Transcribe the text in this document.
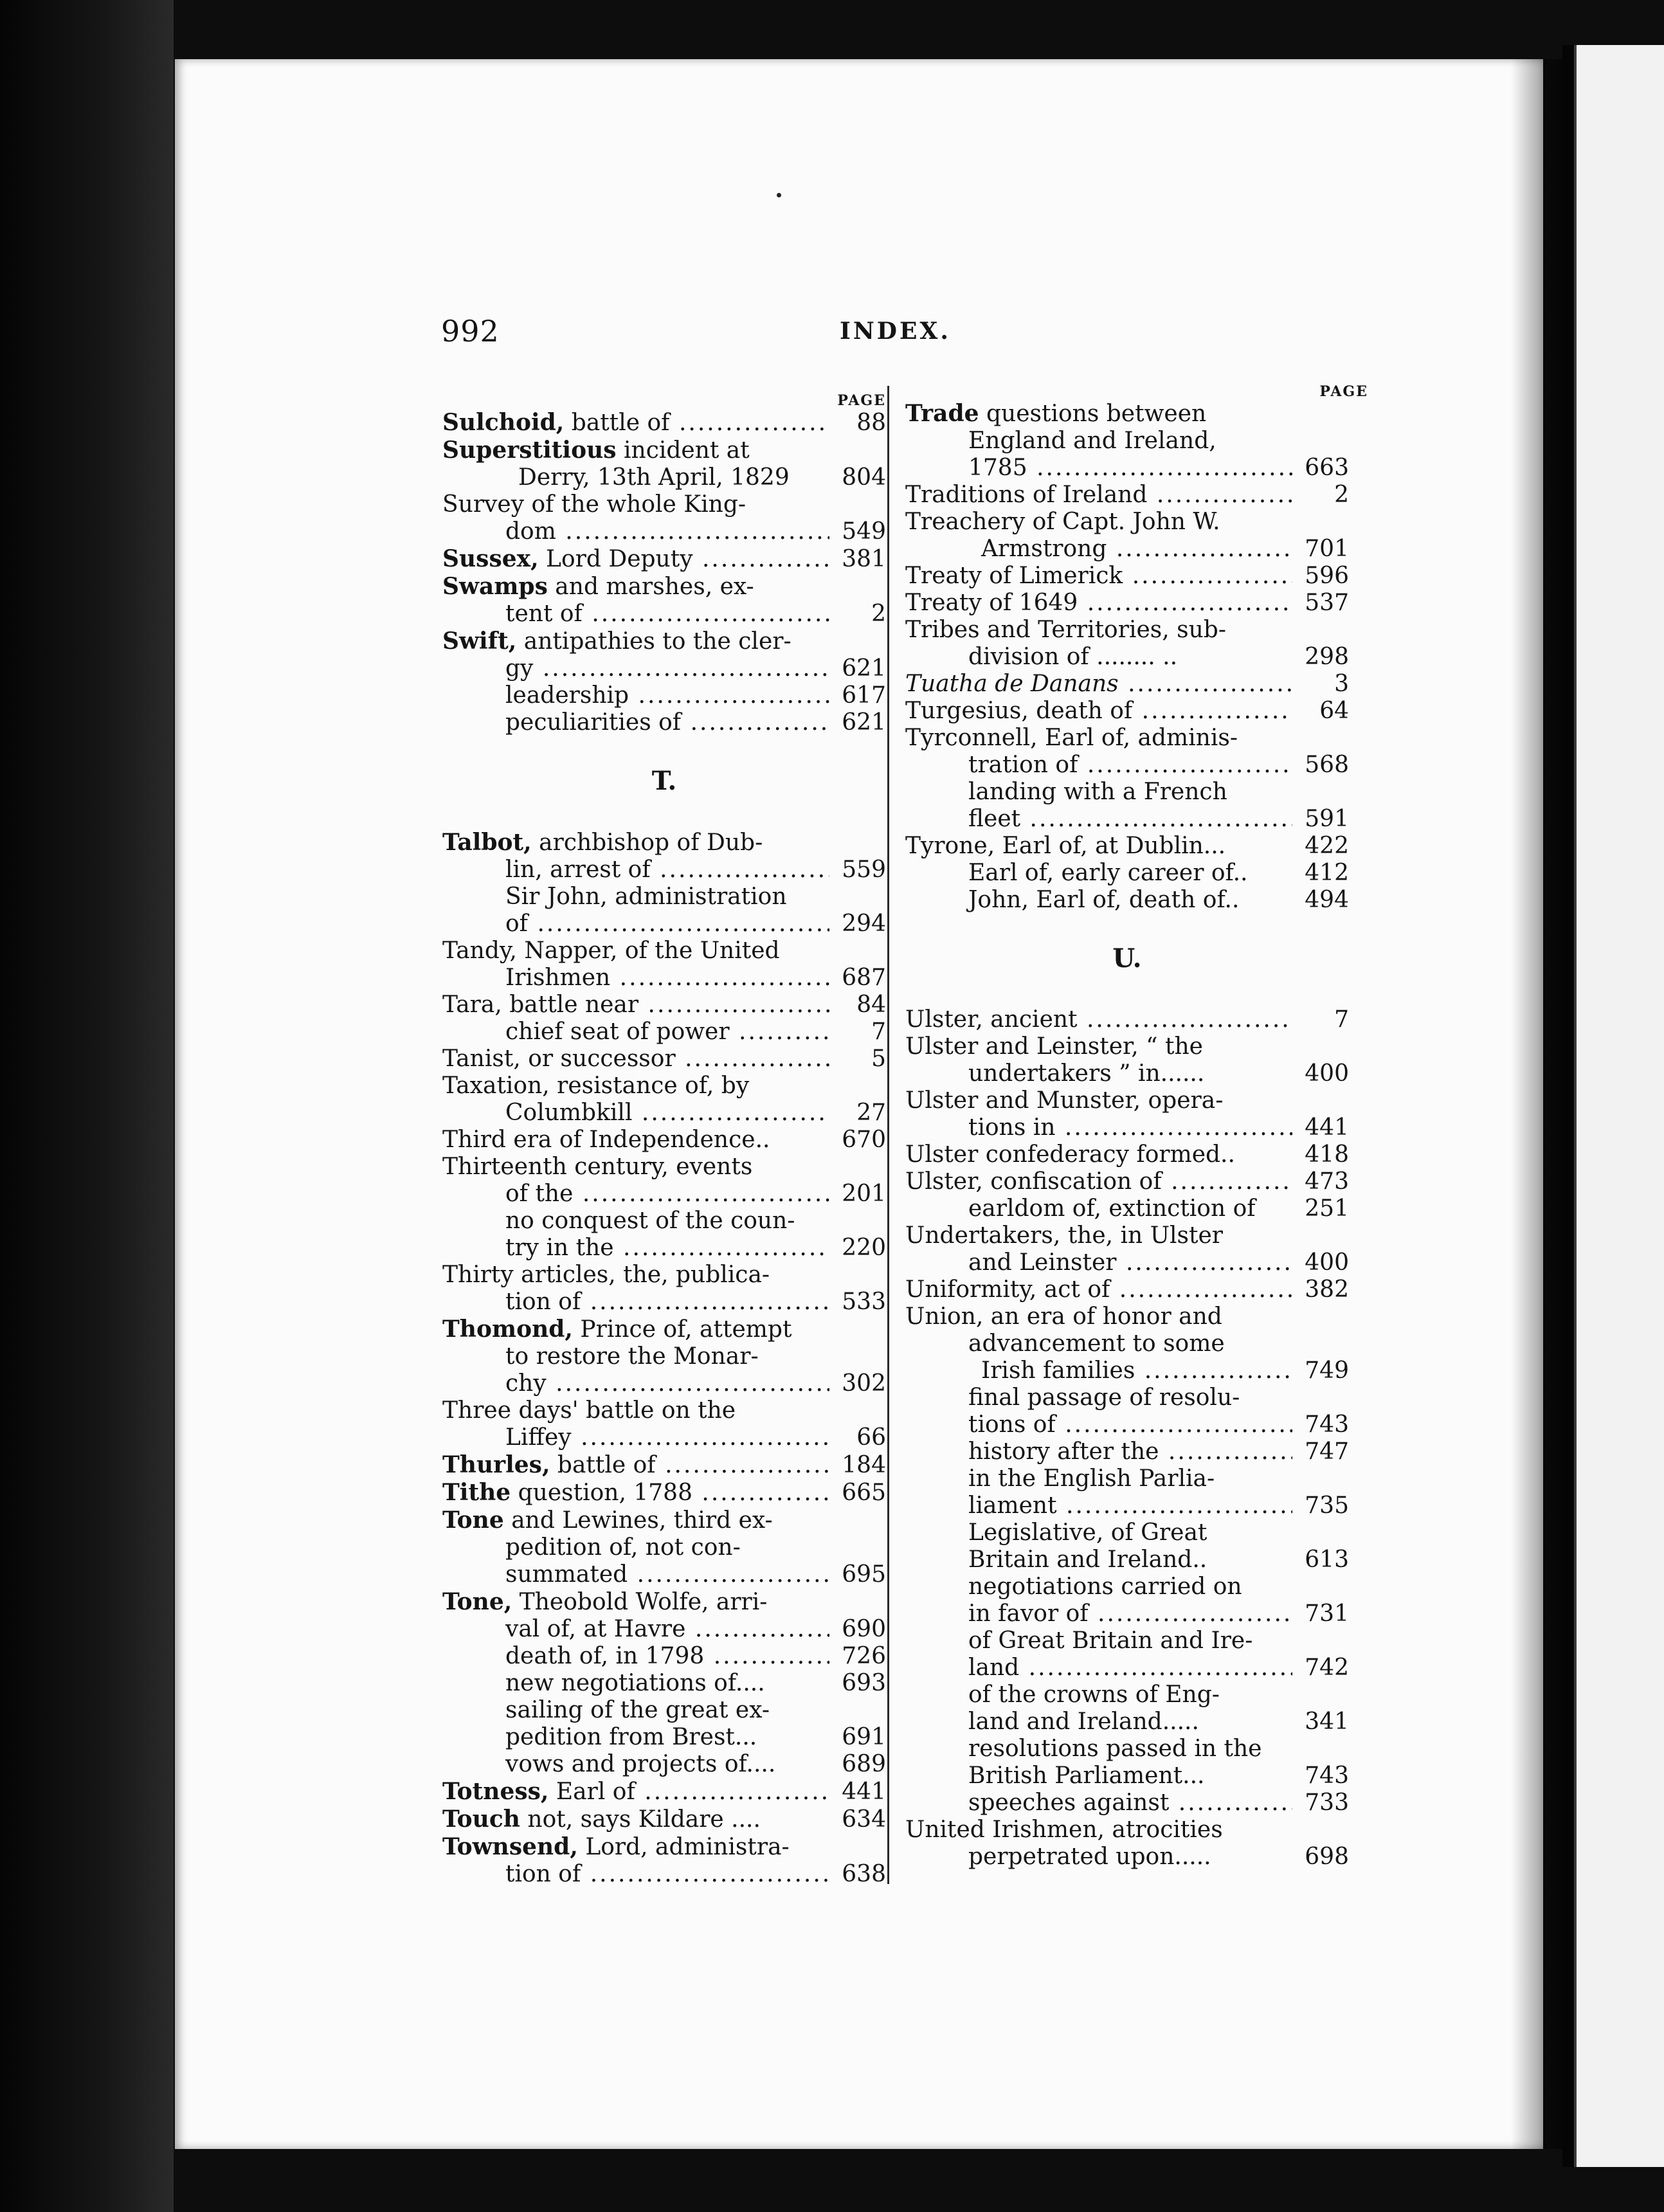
992	INDEX.
PAGE
Sulchoid, battle of .....	88
Superstitious incident at
Derry, 13th April, 1829	804
Survey of the whole King-
dom .....	549
Sussex, Lord Deputy .....	381
Swamps and marshes, ex-
tent of .....	2
Swift, antipathies to the cler-
gy .....	621
leadership .....	617
peculiarities of .....	621
T.
Talbot, archbishop of Dub-
lin, arrest of .....	559
Sir John, administration
of .....	294
Tandy, Napper, of the United
Irishmen .....	687
Tara, battle near .....	84
chief seat of power .....	7
Tanist, or successor .....	5
Taxation, resistance of, by
Columbkill .....	27
Third era of Independence..	670
Thirteenth century, events
of the .....	201
no conquest of the coun-
try in the .....	220
Thirty articles, the, publica-
tion of .....	533
Thomond, Prince of, attempt
to restore the Monar-
chy .....	302
Three days' battle on the
Liffey .....	66
Thurles, battle of .....	184
Tithe question, 1788 .....	665
Tone and Lewines, third ex-
pedition of, not con-
summated .....	695
Tone, Theobold Wolfe, arri-
val of, at Havre .....	690
death of, in 1798 .....	726
new negotiations of....	693
sailing of the great ex-
pedition from Brest...	691
vows and projects of....	689
Totness, Earl of .....	441
Touch not, says Kildare ....	634
Townsend, Lord, administra-
tion of .....	638
PAGE
Trade questions between
England and Ireland,
1785 .....	663
Traditions of Ireland .....	2
Treachery of Capt. John W.
Armstrong .....	701
Treaty of Limerick .....	596
Treaty of 1649 .....	537
Tribes and Territories, sub-
division of ........ ..	298
Tuatha de Danans .....	3
Turgesius, death of .....	64
Tyrconnell, Earl of, adminis-
tration of .....	568
landing with a French
fleet .....	591
Tyrone, Earl of, at Dublin...	422
Earl of, early career of..	412
John, Earl of, death of..	494
U.
Ulster, ancient .....	7
Ulster and Leinster, “ the
undertakers ” in......	400
Ulster and Munster, opera-
tions in .....	441
Ulster confederacy formed..	418
Ulster, confiscation of .....	473
earldom of, extinction of	251
Undertakers, the, in Ulster
and Leinster .....	400
Uniformity, act of .....	382
Union, an era of honor and
advancement to some
Irish families .....	749
final passage of resolu-
tions of .....	743
history after the .....	747
in the English Parlia-
liament .....	735
Legislative, of Great
Britain and Ireland..	613
negotiations carried on
in favor of .....	731
of Great Britain and Ire-
land .....	742
of the crowns of Eng-
land and Ireland.....	341
resolutions passed in the
British Parliament...	743
speeches against .....	733
United Irishmen, atrocities
perpetrated upon.....	698
